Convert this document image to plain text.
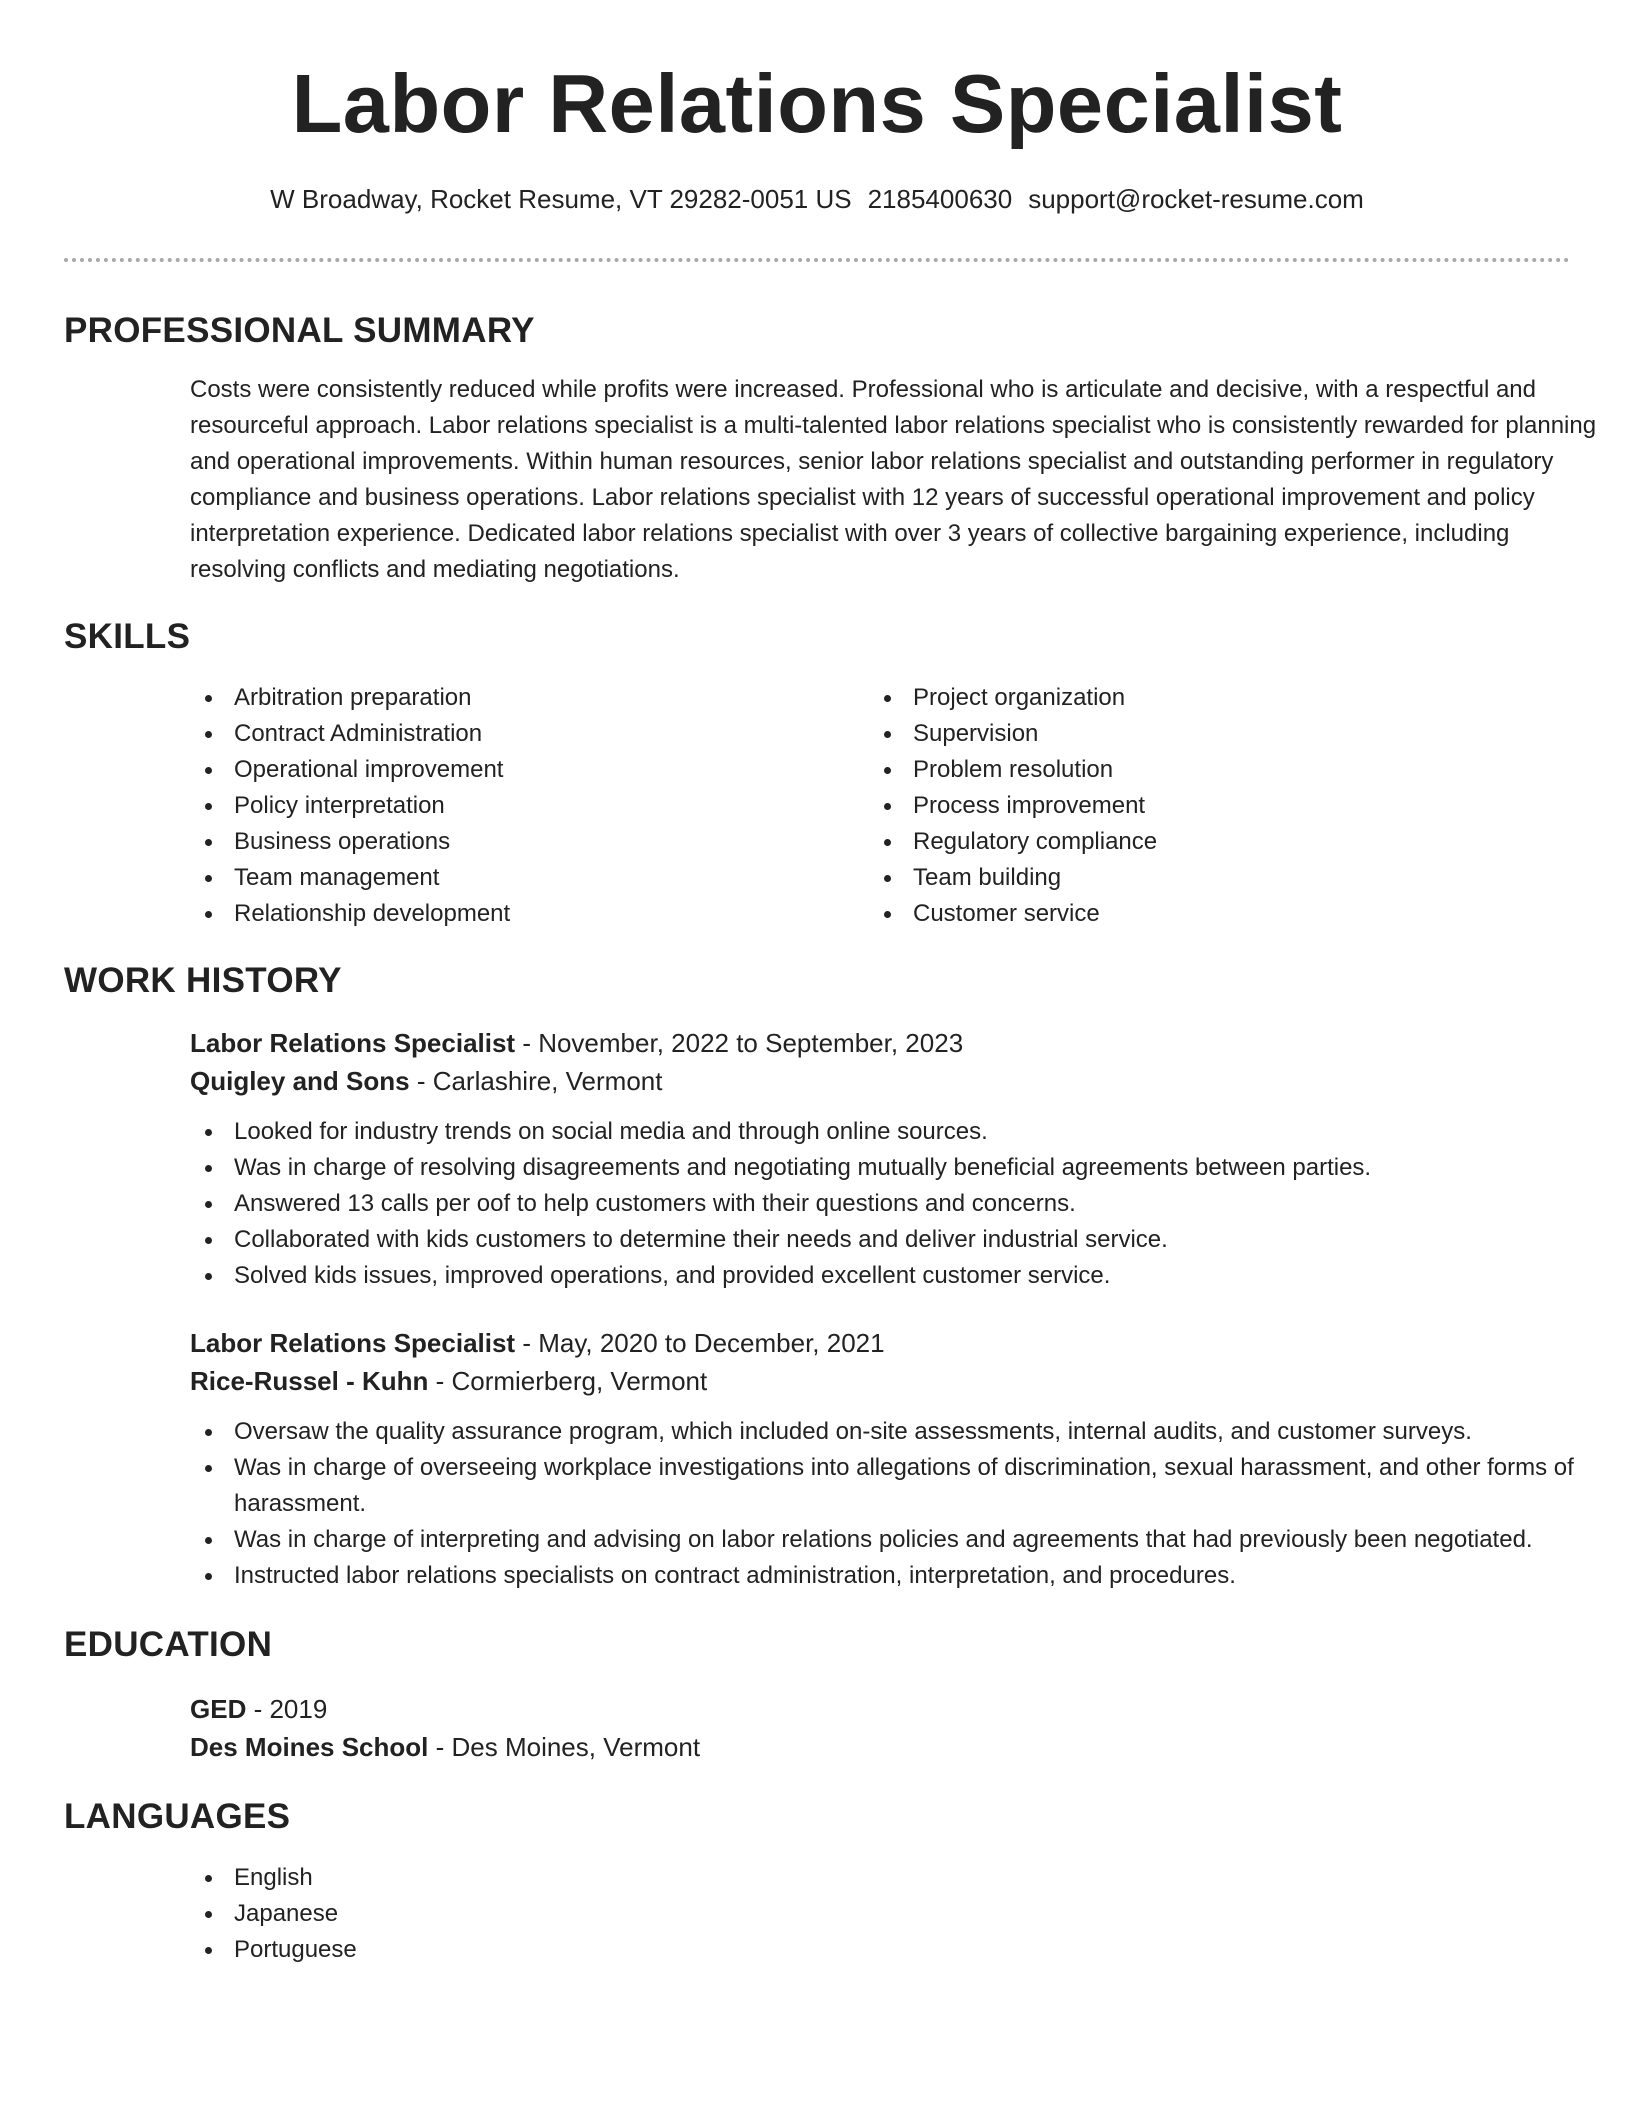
Labor Relations Specialist
W Broadway, Rocket Resume, VT 29282-0051 US 2185400630 support@rocket-resume.com
PROFESSIONAL SUMMARY

Costs were consistently reduced while profits were increased. Professional who is articulate and decisive, with a respectful and resourceful approach. Labor relations specialist is a multi-talented labor relations specialist who is consistently rewarded for planning and operational improvements. Within human resources, senior labor relations specialist and outstanding performer in regulatory compliance and business operations. Labor relations specialist with 12 years of successful operational improvement and policy interpretation experience. Dedicated labor relations specialist with over 3 years of collective bargaining experience, including resolving conflicts and mediating negotiations.

SKILLS
Arbitration preparation
Contract Administration
Operational improvement
Policy interpretation
Business operations
Team management
Relationship development
Project organization
Supervision
Problem resolution
Process improvement
Regulatory compliance
Team building
Customer service
WORK HISTORY
Labor Relations Specialist - November, 2022 to September, 2023
Quigley and Sons - Carlashire, Vermont
Looked for industry trends on social media and through online sources.
Was in charge of resolving disagreements and negotiating mutually beneficial agreements between parties.
Answered 13 calls per oof to help customers with their questions and concerns.
Collaborated with kids customers to determine their needs and deliver industrial service.
Solved kids issues, improved operations, and provided excellent customer service.
Labor Relations Specialist - May, 2020 to December, 2021
Rice-Russel - Kuhn - Cormierberg, Vermont
Oversaw the quality assurance program, which included on-site assessments, internal audits, and customer surveys.
Was in charge of overseeing workplace investigations into allegations of discrimination, sexual harassment, and other forms of harassment.
Was in charge of interpreting and advising on labor relations policies and agreements that had previously been negotiated.
Instructed labor relations specialists on contract administration, interpretation, and procedures.
EDUCATION
GED - 2019
Des Moines School - Des Moines, Vermont
LANGUAGES
English
Japanese
Portuguese
